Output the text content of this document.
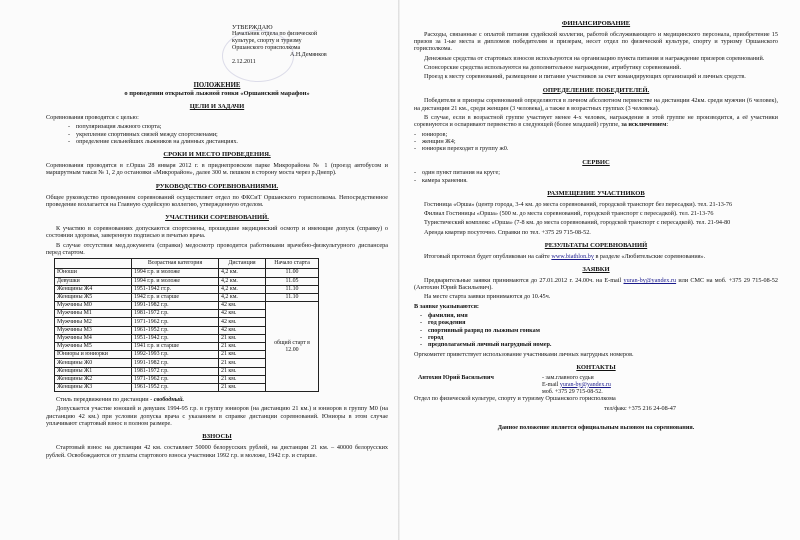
УТВЕРЖДАЮ
Начальник отдела по физической
культуре, спорту и туризму
Оршанского горисполкома
А.Н.Демянков
2.12.2011
ПОЛОЖЕНИЕ
о проведении открытой лыжной гонки «Оршанский марафон»
ЦЕЛИ И ЗАДАЧИ

Соревнования проводятся с целью:

- популяризация лыжного спорта;
- укрепление спортивных связей между спортсменами;
- определение сильнейших лыжников на длинных дистанциях.
СРОКИ И МЕСТО ПРОВЕДЕНИЯ.

Соревнования проводятся в г.Орша 28 января 2012 г. в приднепровском парке Микрорайона № 1 (проезд автобусом и маршрутным такси № 1, 2 до остановки «Микрорайон», далее 300 м. пешком в сторону моста через р.Днепр).

РУКОВОДСТВО СОРЕВНОВАНИЯМИ.

Общее руководство проведением соревнований осуществляет отдел по ФКСиТ Оршанского горисполкома. Непосредственное проведение возлагается на Главную судейскую коллегию, утвержденную отделом.

УЧАСТНИКИ СОРЕВНОВАНИЙ.

К участию в соревнованиях допускаются спортсмены, прошедшие медицинский осмотр и имеющие допуск (справку) о состоянии здоровья, заверенную подписью и печатью врача.

В случае отсутствия мед.документа (справки) медосмотр проводится работниками врачебно-физкультурного диспансера перед стартом.

	Возрастная категория	Дистанция	Начало старта
Юноши	1994 г.р. и моложе	4,2 км.	11.00
Девушки	1994 г.р. и моложе	4,2 км.	11.05
Женщины Ж4	1951-1942 гг.р.	4,2 км.	11.10
Женщины Ж5	1942 г.р. и старше	4,2 км.	11.10
Мужчины М0	1991-1982 г.р.	42 км.	общий старт в 12.00
Мужчины М1	1981-1972 г.р.	42 км.	
Мужчины М2	1971-1962 г.р.	42 км.	
Мужчины М3	1961-1952 г.р.	42 км.	
Мужчины М4	1951-1942 г.р.	21 км.	
Мужчины М5	1941 г.р. и старше	21 км.	
Юниоры и юниорки	1992-1993 г.р.	21 км.	
Женщины Ж0	1991-1982 г.р.	21 км.	
Женщины Ж1	1981-1972 г.р.	21 км.	
Женщины Ж2	1971-1962 г.р.	21 км.	
Женщины Ж3	1961-1952 г.р.	21 км.	

Стиль передвижения по дистанции - свободный.

Допускается участие юношей и девушек 1994-95 г.р. в группу юниоров (на дистанцию 21 км.) и юниоров в группу М0 (на дистанцию 42 км.) при условии допуска врача с указанием в справке дистанции соревнований. Юниоры в этом случае уплачивают стартовый взнос в полном размере.

ВЗНОСЫ

Стартовый взнос на дистанции 42 км. составляет 50000 белорусских рублей, на дистанции 21 км. – 40000 белорусских рублей. Освобождаются от уплаты стартового взноса участники 1992 г.р. и моложе, 1942 г.р. и старше.

ФИНАНСИРОВАНИЕ

Расходы, связанные с оплатой питания судейской коллегии, работой обслуживающего и медицинского персонала, приобретение 15 призов за 1-ые места и дипломов победителям и призерам, несет отдел по физической культуре, спорту и туризму Оршанского горисполкома.

Денежные средства от стартовых взносов используются на организацию пункта питания и награждение призеров соревнований.

Спонсорские средства используются на дополнительное награждение, атрибутику соревнований.

Проезд к месту соревнований, размещение и питание участников за счет командирующих организаций и личных средств.

ОПРЕДЕЛЕНИЕ ПОБЕДИТЕЛЕЙ.

Победители и призеры соревнований определяются в личном абсолютном первенстве на дистанции 42км. среди мужчин (6 человек), на дистанции 21 км., среди женщин (3 человека), а также в возрастных группах (3 человека).

В случае, если в возрастной группе участвует менее 4-х человек, награждение в этой группе не производится, а её участники соревнуются и оспаривают первенство в следующей (более младшей) группе, за исключением:

- юниоров;
- женщин Ж4;
- юниорки переходят в группу ж0.
СЕРВИС
- один пункт питания на круге;
- камера хранения.
РАЗМЕЩЕНИЕ УЧАСТНИКОВ

Гостиница «Орша» (центр города, 3-4 км. до места соревнований, городской транспорт без пересадки). тел. 21-13-76

Филиал Гостиницы «Орша» (500 м. до места соревнований, городской транспорт с пересадкой). тел. 21-13-76

Туристический комплекс «Орша» (7-8 км. до места соревнований, городской транспорт с пересадкой). тел. 21-94-80

Аренда квартир посуточно. Справки по тел. +375 29 715-08-52.

РЕЗУЛЬТАТЫ СОРЕВНОВАНИЙ

Итоговый протокол будет опубликован на сайте www.biathlon.by в разделе «Любительские соревнования».

ЗАЯВКИ

Предварительные заявки принимаются до 27.01.2012 г. 24.00ч. на E-mail yuran-by@yandex.ru или СМС на моб. +375 29 715-08-52 (Антохин Юрий Васильевич).

На месте старта заявки принимаются до 10.45ч.

В заявке указываются:

- фамилия, имя
- год рождения
- спортивный разряд по лыжным гонкам
- город
- предполагаемый личный нагрудный номер.

Оргкомитет приветствует использование участниками личных нагрудных номеров.

КОНТАКТЫ
Антохин Юрий Васильевич	- зам.главного судьи
E-mail yuran-by@yandex.ru
моб. +375 29 715-08-52.

Отдел по физической культуре, спорту и туризму Оршанского горисполкома

тел/факс +375 216 24-08-47

Данное положение является официальным вызовом на соревнования.
